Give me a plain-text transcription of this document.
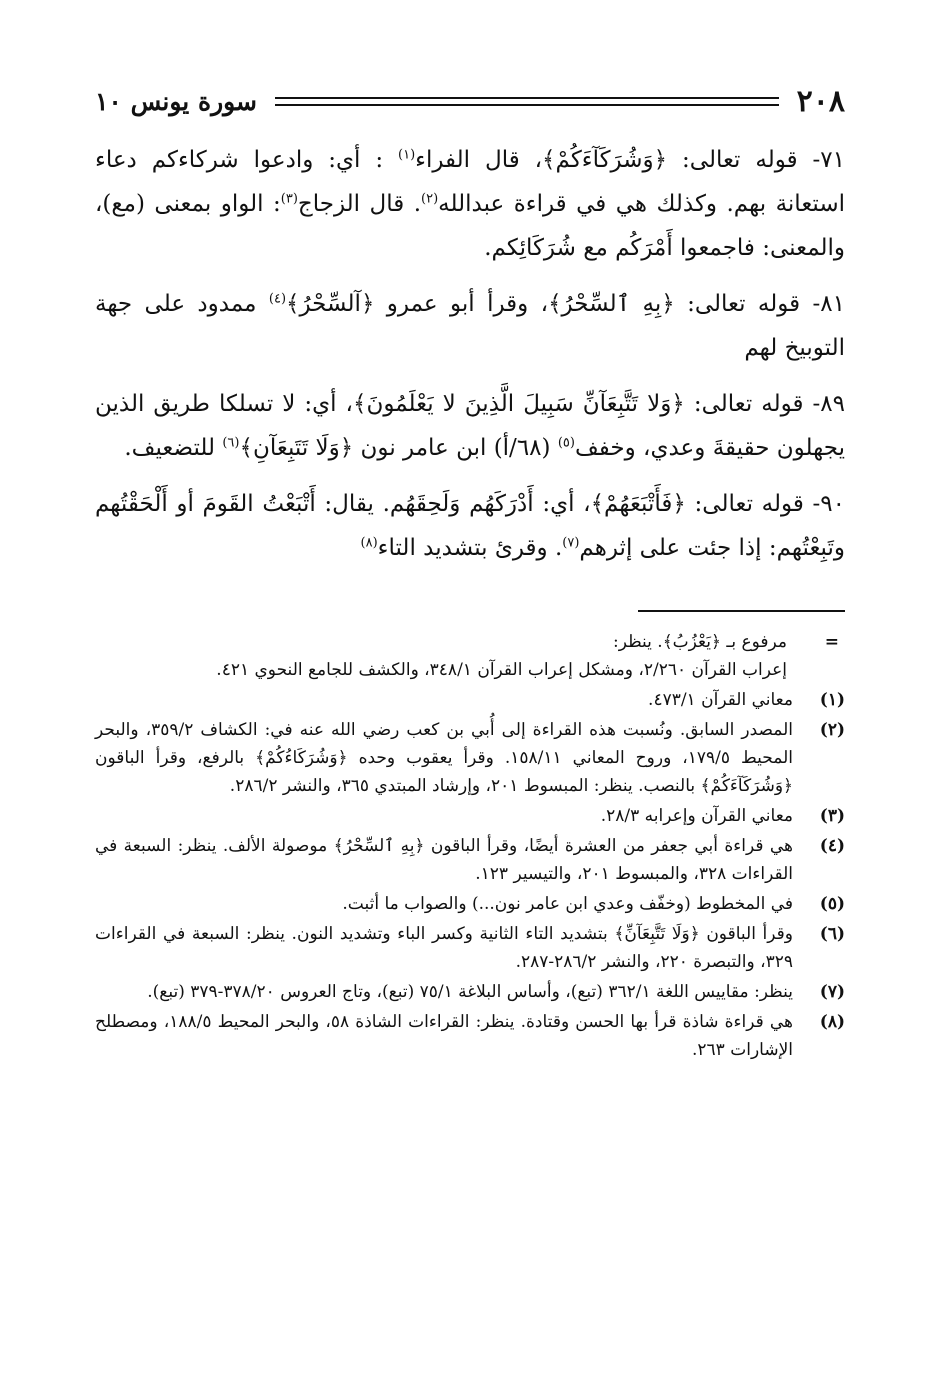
٢٠٨
سورة يونس ١٠

٧١- قوله تعالى: ﴿وَشُرَكَآءَكُمْ﴾، قال الفراء$^{(١)}$ : أي: وادعوا شركاءكم دعاء استعانة بهم. وكذلك هي في قراءة عبدالله$^{(٢)}$. قال الزجاج$^{(٣)}$: الواو بمعنى (مع)، والمعنى: فاجمعوا أَمْرَكُم مع شُرَكَائِكم.

٨١- قوله تعالى: ﴿بِهِ ٱلسِّحْرُ﴾، وقرأ أبو عمرو ﴿آلسِّحْرُ﴾$^{(٤)}$ ممدود على جهة التوبيخ لهم

٨٩- قوله تعالى: ﴿وَلا تَتَّبِعَآنِّ سَبِيلَ الَّذِينَ لا يَعْلَمُونَ﴾، أي: لا تسلكا طريق الذين يجهلون حقيقةَ وعدي، وخفف$^{(٥)}$ (٦٨/أ) ابن عامر نون ﴿وَلَا تَتَبِعَآنِ﴾$^{(٦)}$ للتضعيف.

٩٠- قوله تعالى: ﴿فَأَتْبَعَهُمْ﴾، أي: أَدْرَكَهُم وَلَحِقَهُم. يقال: أَتْبَعْتُ القَومَ أو أَلْحَقْتُهم وتَبِعْتُهم: إذا جئت على إثرهم$^{(٧)}$. وقرئ بتشديد التاء$^{(٨)}$

=
مرفوع بـ ﴿يَعْزُبُ﴾. ينظر:
إعراب القرآن ٢/٢٦٠، ومشكل إعراب القرآن ٣٤٨/١، والكشف للجامع النحوي ٤٢١.
(١)
معاني القرآن ٤٧٣/١.
(٢)
المصدر السابق. ونُسبت هذه القراءة إلى أُبي بن كعب رضي الله عنه في: الكشاف ٣٥٩/٢، والبحر المحيط ١٧٩/٥، وروح المعاني ١٥٨/١١. وقرأ يعقوب وحده ﴿وَشُرَكَاءُكُمْ﴾ بالرفع، وقرأ الباقون ﴿وَشُرَكَآءَكُمْ﴾ بالنصب. ينظر: المبسوط ٢٠١، وإرشاد المبتدي ٣٦٥، والنشر ٢٨٦/٢.
(٣)
معاني القرآن وإعرابه ٢٨/٣.
(٤)
هي قراءة أبي جعفر من العشرة أيضًا، وقرأ الباقون ﴿بِهِ ٱلسِّحْرُ﴾ موصولة الألف. ينظر: السبعة في القراءات ٣٢٨، والمبسوط ٢٠١، والتيسير ١٢٣.
(٥)
في المخطوط (وخفّف وعدي ابن عامر نون...) والصواب ما أثبت.
(٦)
وقرأ الباقون ﴿وَلَا تَتَّبِعَآنِّ﴾ بتشديد التاء الثانية وكسر الباء وتشديد النون. ينظر: السبعة في القراءات ٣٢٩، والتبصرة ٢٢٠، والنشر ٢٨٦/٢-٢٨٧.
(٧)
ينظر: مقاييس اللغة ٣٦٢/١ (تبع)، وأساس البلاغة ٧٥/١ (تبع)، وتاج العروس ٣٧٨/٢٠-٣٧٩ (تبع).
(٨)
هي قراءة شاذة قرأ بها الحسن وقتادة. ينظر: القراءات الشاذة ٥٨، والبحر المحيط ١٨٨/٥، ومصطلح الإشارات ٢٦٣.
